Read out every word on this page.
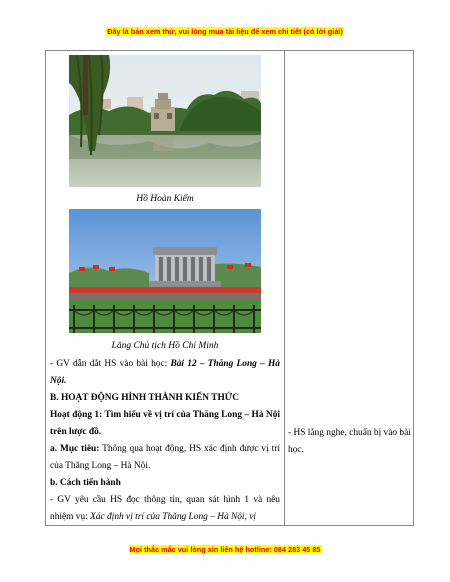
Đây là bản xem thử, vui lòng mua tài liệu để xem chi tiết (có lời giải)
Hồ Hoàn Kiếm
Lăng Chủ tịch Hồ Chí Minh

- GV dẫn dắt HS vào bài học: Bài 12 – Thăng Long – Hà Nội.

B. HOẠT ĐỘNG HÌNH THÀNH KIẾN THỨC

Hoạt động 1: Tìm hiểu về vị trí của Thăng Long – Hà Nội trên lược đồ.

a. Mục tiêu: Thông qua hoạt động, HS xác định được vị trí của Thăng Long – Hà Nội.

b. Cách tiến hành

- GV yêu cầu HS đọc thông tin, quan sát hình 1 và nêu nhiệm vụ: Xác định vị trí của Thăng Long – Hà Nội, vị

- HS lắng nghe, chuẩn bị vào bài học.
Mọi thắc mắc vui lòng xin liên hệ hotline: 084 283 45 85
